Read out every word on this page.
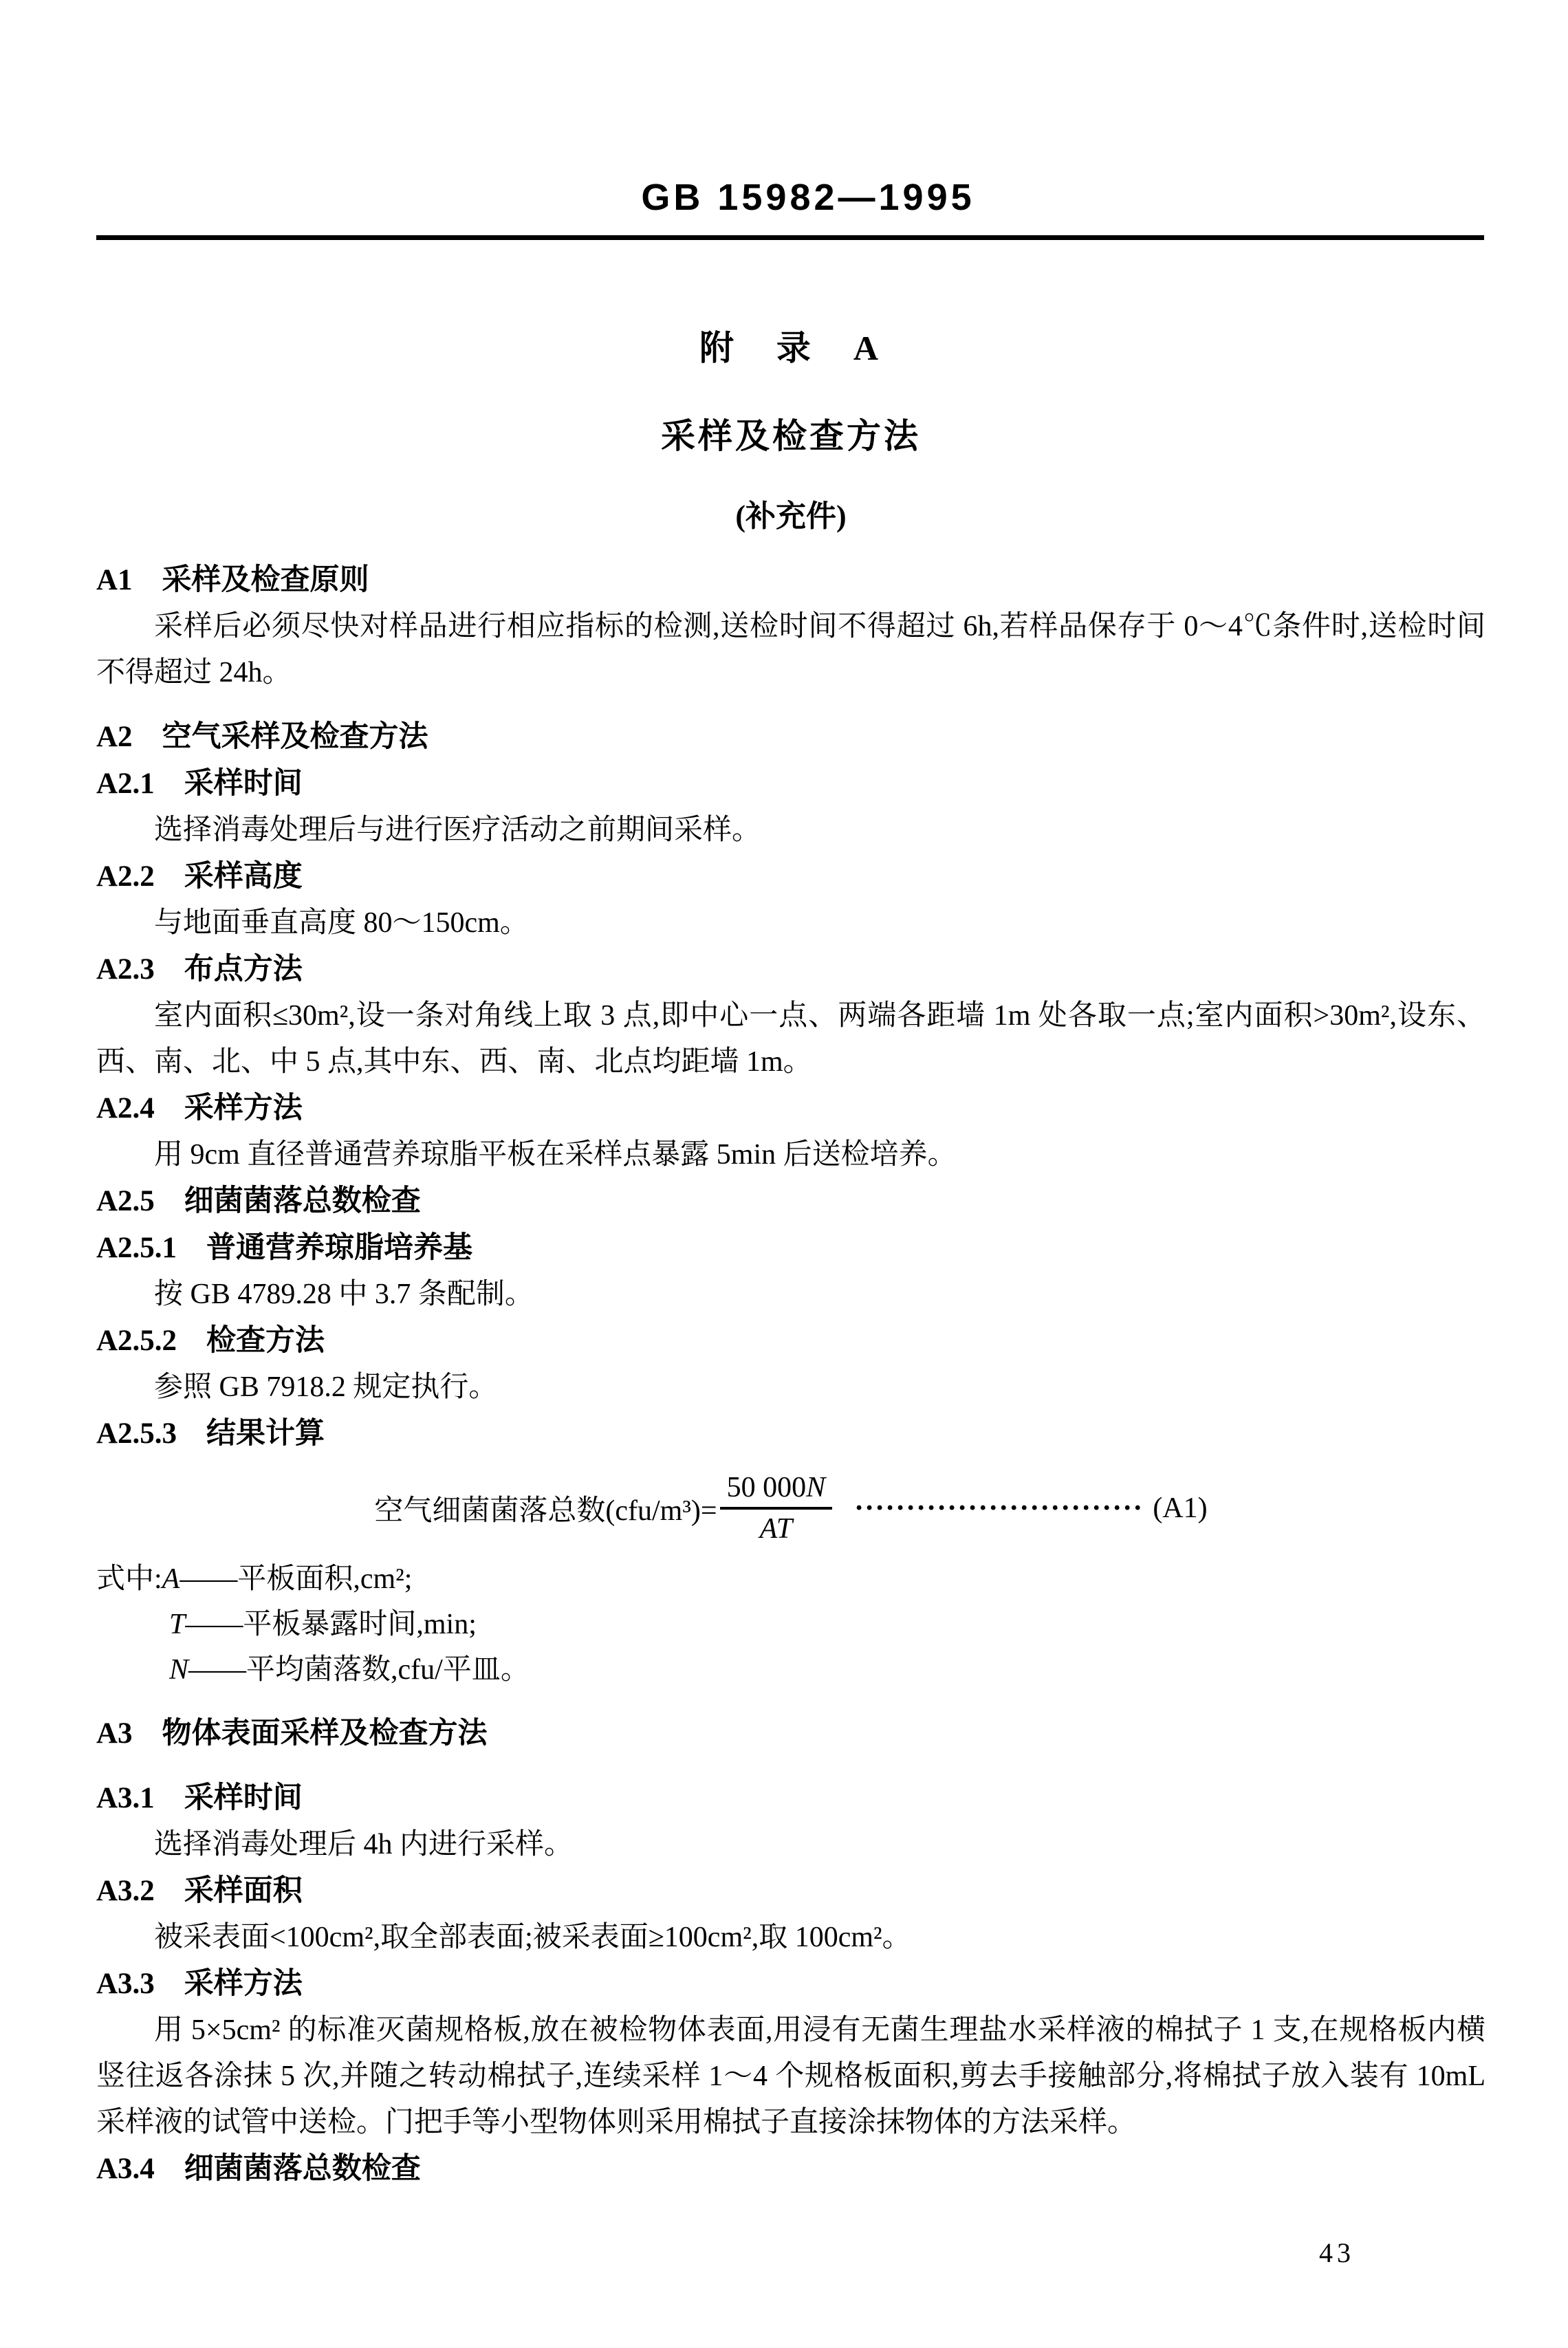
GB 15982—1995
附　录　A
采样及检查方法
(补充件)

A1　采样及检查原则

采样后必须尽快对样品进行相应指标的检测,送检时间不得超过 6h,若样品保存于 0～4℃条件时,送检时间不得超过 24h。

A2　空气采样及检查方法

A2.1　采样时间

选择消毒处理后与进行医疗活动之前期间采样。

A2.2　采样高度

与地面垂直高度 80～150cm。

A2.3　布点方法

室内面积≤30m²,设一条对角线上取 3 点,即中心一点、两端各距墙 1m 处各取一点;室内面积>30m²,设东、西、南、北、中 5 点,其中东、西、南、北点均距墙 1m。

A2.4　采样方法

用 9cm 直径普通营养琼脂平板在采样点暴露 5min 后送检培养。

A2.5　细菌菌落总数检查

A2.5.1　普通营养琼脂培养基

按 GB 4789.28 中 3.7 条配制。

A2.5.2　检查方法

参照 GB 7918.2 规定执行。

A2.5.3　结果计算

空气细菌菌落总数$(cfu/m^3)= \frac{50 000N}{AT}$ ···························· (A1)

式中:A——平板面积,cm²;

T——平板暴露时间,min;

N——平均菌落数,cfu/平皿。

A3　物体表面采样及检查方法

A3.1　采样时间

选择消毒处理后 4h 内进行采样。

A3.2　采样面积

被采表面<100cm²,取全部表面;被采表面≥100cm²,取 100cm²。

A3.3　采样方法

用 5×5cm² 的标准灭菌规格板,放在被检物体表面,用浸有无菌生理盐水采样液的棉拭子 1 支,在规格板内横竖往返各涂抹 5 次,并随之转动棉拭子,连续采样 1～4 个规格板面积,剪去手接触部分,将棉拭子放入装有 10mL 采样液的试管中送检。门把手等小型物体则采用棉拭子直接涂抹物体的方法采样。

A3.4　细菌菌落总数检查

43
